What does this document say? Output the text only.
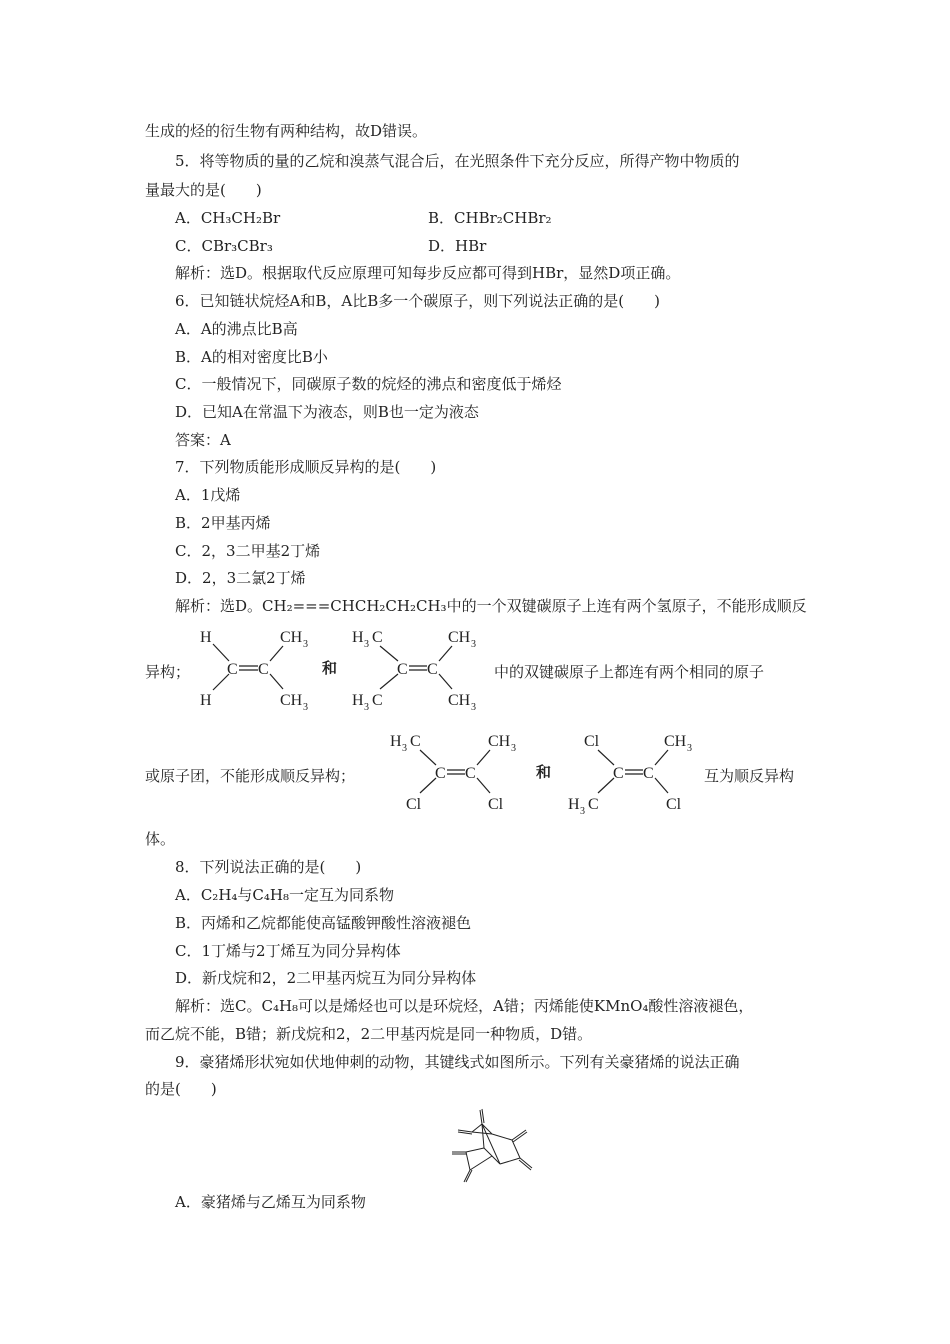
生成的烃的衍生物有两种结构，故D错误。
5．将等物质的量的乙烷和溴蒸气混合后，在光照条件下充分反应，所得产物中物质的
量最大的是(　　)
A．CH₃CH₂Br	B．CHBr₂CHBr₂
C．CBr₃CBr₃	D．HBr
解析：选D。根据取代反应原理可知每步反应都可得到HBr，显然D项正确。
6．已知链状烷烃A和B，A比B多一个碳原子，则下列说法正确的是(　　)
A．A的沸点比B高
B．A的相对密度比B小
C．一般情况下，同碳原子数的烷烃的沸点和密度低于烯烃
D．已知A在常温下为液态，则B也一定为液态
答案：A
7．下列物质能形成顺反异构的是(　　)
A．1戊烯
B．2甲基丙烯
C．2，3二甲基2丁烯
D．2，3二氯2丁烯
解析：选D。CH₂===CHCH₂CH₂CH₃中的一个双键碳原子上连有两个氢原子，不能形成顺反
异构；
H
H
C C
CH 3
CH 3
和
H 3 C
H 3 C
C C
CH 3
CH 3
中的双键碳原子上都连有两个相同的原子
或原子团，不能形成顺反异构；
H 3 C
Cl
C C
CH 3
Cl
和
Cl
H 3 C
C C
CH 3
Cl
互为顺反异构
体。
8．下列说法正确的是(　　)
A．C₂H₄与C₄H₈一定互为同系物
B．丙烯和乙烷都能使高锰酸钾酸性溶液褪色
C．1丁烯与2丁烯互为同分异构体
D．新戊烷和2，2二甲基丙烷互为同分异构体
解析：选C。C₄H₈可以是烯烃也可以是环烷烃，A错；丙烯能使KMnO₄酸性溶液褪色，
而乙烷不能，B错；新戊烷和2，2二甲基丙烷是同一种物质，D错。
9．豪猪烯形状宛如伏地伸刺的动物，其键线式如图所示。下列有关豪猪烯的说法正确
的是(　　)
A．豪猪烯与乙烯互为同系物
